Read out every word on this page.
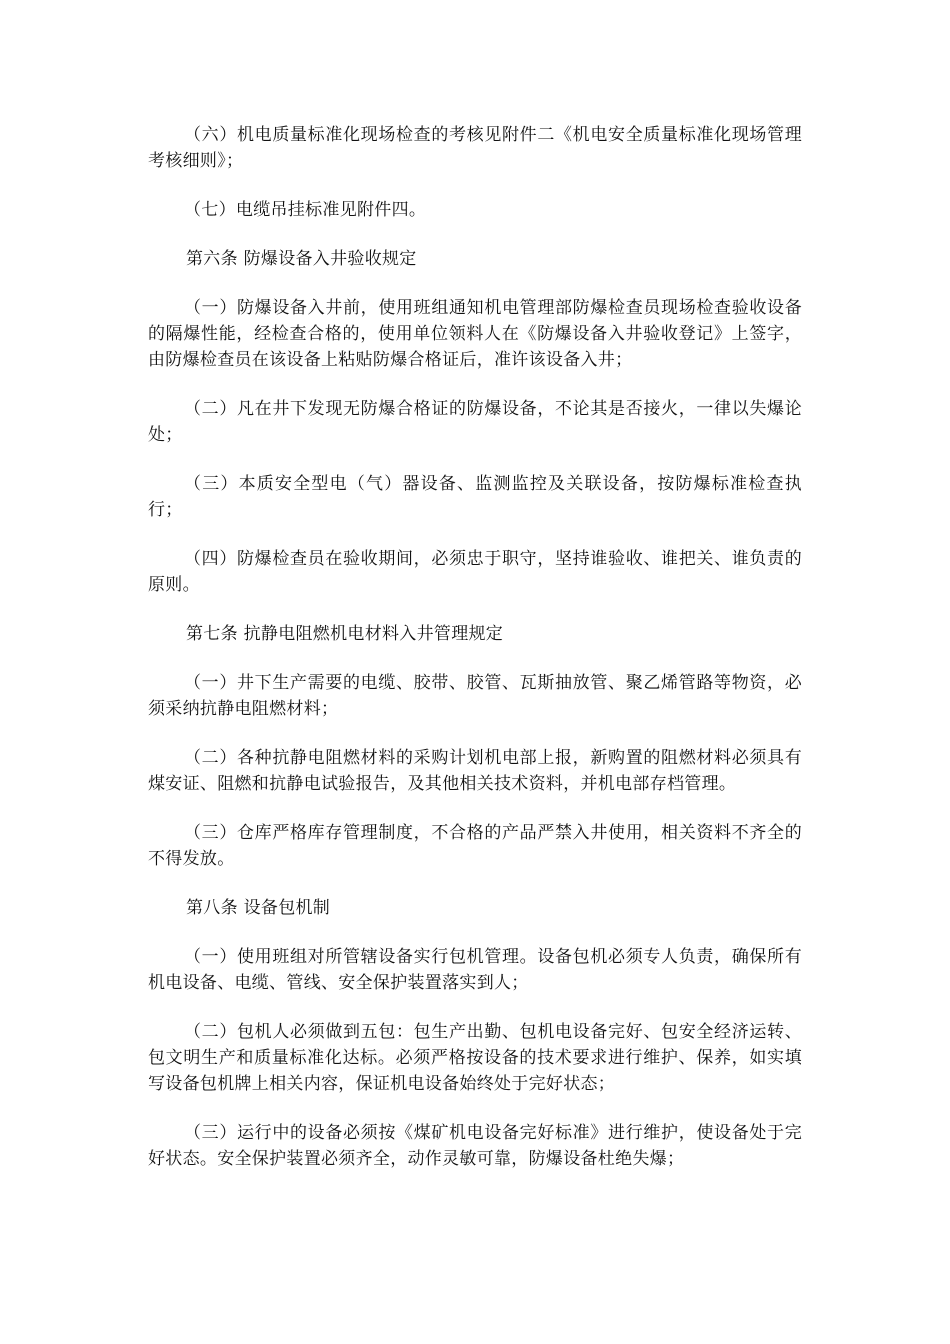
（六）机电质量标准化现场检查的考核见附件二《机电安全质量标准化现场管理考核细则》；

（七）电缆吊挂标准见附件四。

第六条 防爆设备入井验收规定

（一）防爆设备入井前，使用班组通知机电管理部防爆检查员现场检查验收设备的隔爆性能，经检查合格的，使用单位领料人在《防爆设备入井验收登记》上签字，由防爆检查员在该设备上粘贴防爆合格证后，准许该设备入井；

（二）凡在井下发现无防爆合格证的防爆设备，不论其是否接火，一律以失爆论处；

（三）本质安全型电（气）器设备、监测监控及关联设备，按防爆标准检查执行；

（四）防爆检查员在验收期间，必须忠于职守，坚持谁验收、谁把关、谁负责的原则。

第七条 抗静电阻燃机电材料入井管理规定

（一）井下生产需要的电缆、胶带、胶管、瓦斯抽放管、聚乙烯管路等物资，必须采纳抗静电阻燃材料；

（二）各种抗静电阻燃材料的采购计划机电部上报，新购置的阻燃材料必须具有煤安证、阻燃和抗静电试验报告，及其他相关技术资料，并机电部存档管理。

（三）仓库严格库存管理制度，不合格的产品严禁入井使用，相关资料不齐全的不得发放。

第八条 设备包机制

（一）使用班组对所管辖设备实行包机管理。设备包机必须专人负责，确保所有机电设备、电缆、管线、安全保护装置落实到人；

（二）包机人必须做到五包：包生产出勤、包机电设备完好、包安全经济运转、包文明生产和质量标准化达标。必须严格按设备的技术要求进行维护、保养，如实填写设备包机牌上相关内容，保证机电设备始终处于完好状态；

（三）运行中的设备必须按《煤矿机电设备完好标准》进行维护，使设备处于完好状态。安全保护装置必须齐全，动作灵敏可靠，防爆设备杜绝失爆；
